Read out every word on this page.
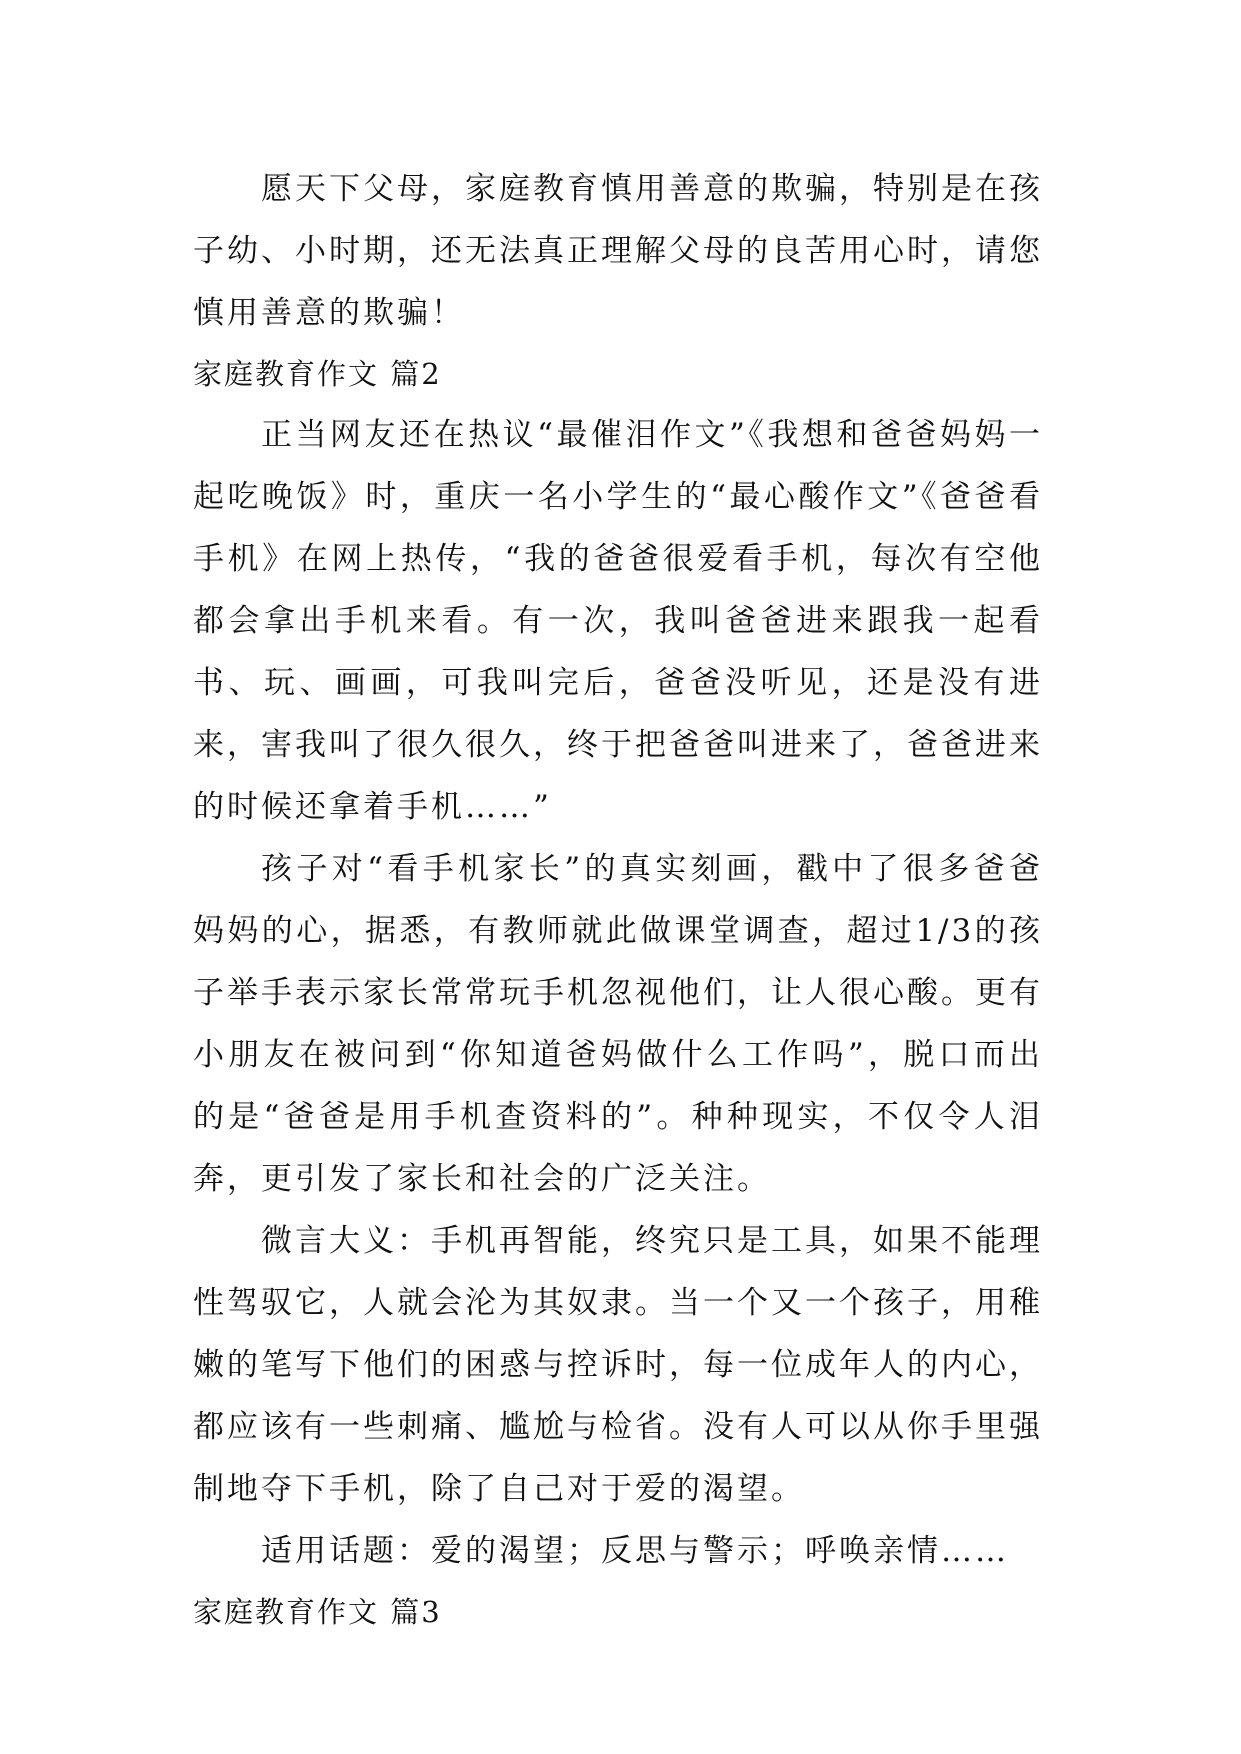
愿天下父母，家庭教育慎用善意的欺骗，特别是在孩子幼、小时期，还无法真正理解父母的良苦用心时，请您慎用善意的欺骗！

家庭教育作文 篇2

正当网友还在热议“最催泪作文”《我想和爸爸妈妈一起吃晚饭》时，重庆一名小学生的“最心酸作文”《爸爸看手机》在网上热传，“我的爸爸很爱看手机，每次有空他都会拿出手机来看。有一次，我叫爸爸进来跟我一起看书、玩、画画，可我叫完后，爸爸没听见，还是没有进来，害我叫了很久很久，终于把爸爸叫进来了，爸爸进来的时候还拿着手机……”

孩子对“看手机家长”的真实刻画，戳中了很多爸爸妈妈的心，据悉，有教师就此做课堂调查，超过1/3的孩子举手表示家长常常玩手机忽视他们，让人很心酸。更有小朋友在被问到“你知道爸妈做什么工作吗”，脱口而出的是“爸爸是用手机查资料的”。种种现实，不仅令人泪奔，更引发了家长和社会的广泛关注。

微言大义：手机再智能，终究只是工具，如果不能理性驾驭它，人就会沦为其奴隶。当一个又一个孩子，用稚嫩的笔写下他们的困惑与控诉时，每一位成年人的内心，都应该有一些刺痛、尴尬与检省。没有人可以从你手里强制地夺下手机，除了自己对于爱的渴望。

适用话题：爱的渴望；反思与警示；呼唤亲情……

家庭教育作文 篇3
